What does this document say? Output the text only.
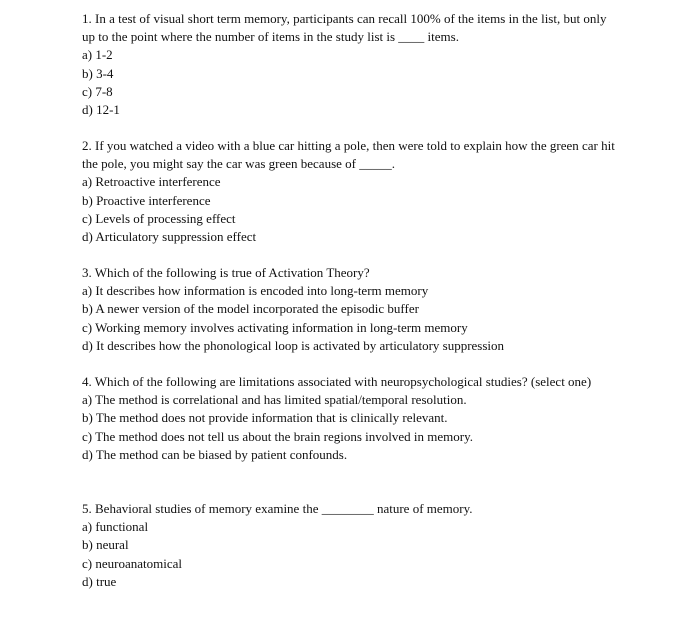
1. In a test of visual short term memory, participants can recall 100% of the items in the list, but only up to the point where the number of items in the study list is ____ items.

a) 1-2
b) 3-4
c) 7-8
d) 12-1

2. If you watched a video with a blue car hitting a pole, then were told to explain how the green car hit the pole, you might say the car was green because of _____.

a) Retroactive interference
b) Proactive interference
c) Levels of processing effect
d) Articulatory suppression effect

3. Which of the following is true of Activation Theory?

a) It describes how information is encoded into long-term memory
b) A newer version of the model incorporated the episodic buffer
c) Working memory involves activating information in long-term memory
d) It describes how the phonological loop is activated by articulatory suppression

4. Which of the following are limitations associated with neuropsychological studies? (select one)

a) The method is correlational and has limited spatial/temporal resolution.
b) The method does not provide information that is clinically relevant.
c) The method does not tell us about the brain regions involved in memory.
d) The method can be biased by patient confounds.

5. Behavioral studies of memory examine the ________ nature of memory.

a) functional
b) neural
c) neuroanatomical
d) true
